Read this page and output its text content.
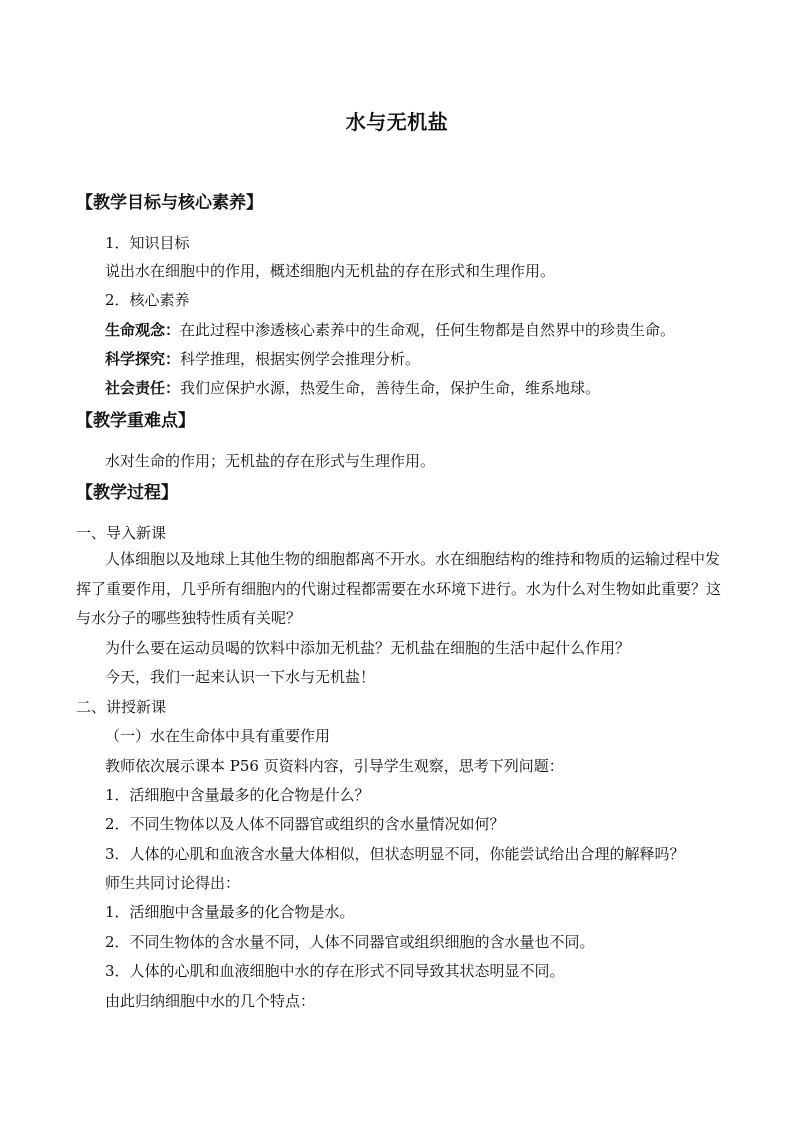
水与无机盐
【教学目标与核心素养】
1．知识目标
说出水在细胞中的作用，概述细胞内无机盐的存在形式和生理作用。
2．核心素养
生命观念：在此过程中渗透核心素养中的生命观，任何生物都是自然界中的珍贵生命。
科学探究：科学推理，根据实例学会推理分析。
社会责任：我们应保护水源，热爱生命，善待生命，保护生命，维系地球。
【教学重难点】
水对生命的作用；无机盐的存在形式与生理作用。
【教学过程】
一、导入新课
人体细胞以及地球上其他生物的细胞都离不开水。水在细胞结构的维持和物质的运输过程中发挥了重要作用，几乎所有细胞内的代谢过程都需要在水环境下进行。水为什么对生物如此重要？这与水分子的哪些独特性质有关呢？
为什么要在运动员喝的饮料中添加无机盐？无机盐在细胞的生活中起什么作用？
今天，我们一起来认识一下水与无机盐！
二、讲授新课
（一）水在生命体中具有重要作用
教师依次展示课本 P56 页资料内容，引导学生观察，思考下列问题：
1．活细胞中含量最多的化合物是什么？
2．不同生物体以及人体不同器官或组织的含水量情况如何？
3．人体的心肌和血液含水量大体相似，但状态明显不同，你能尝试给出合理的解释吗？
师生共同讨论得出：
1．活细胞中含量最多的化合物是水。
2．不同生物体的含水量不同，人体不同器官或组织细胞的含水量也不同。
3．人体的心肌和血液细胞中水的存在形式不同导致其状态明显不同。
由此归纳细胞中水的几个特点：
